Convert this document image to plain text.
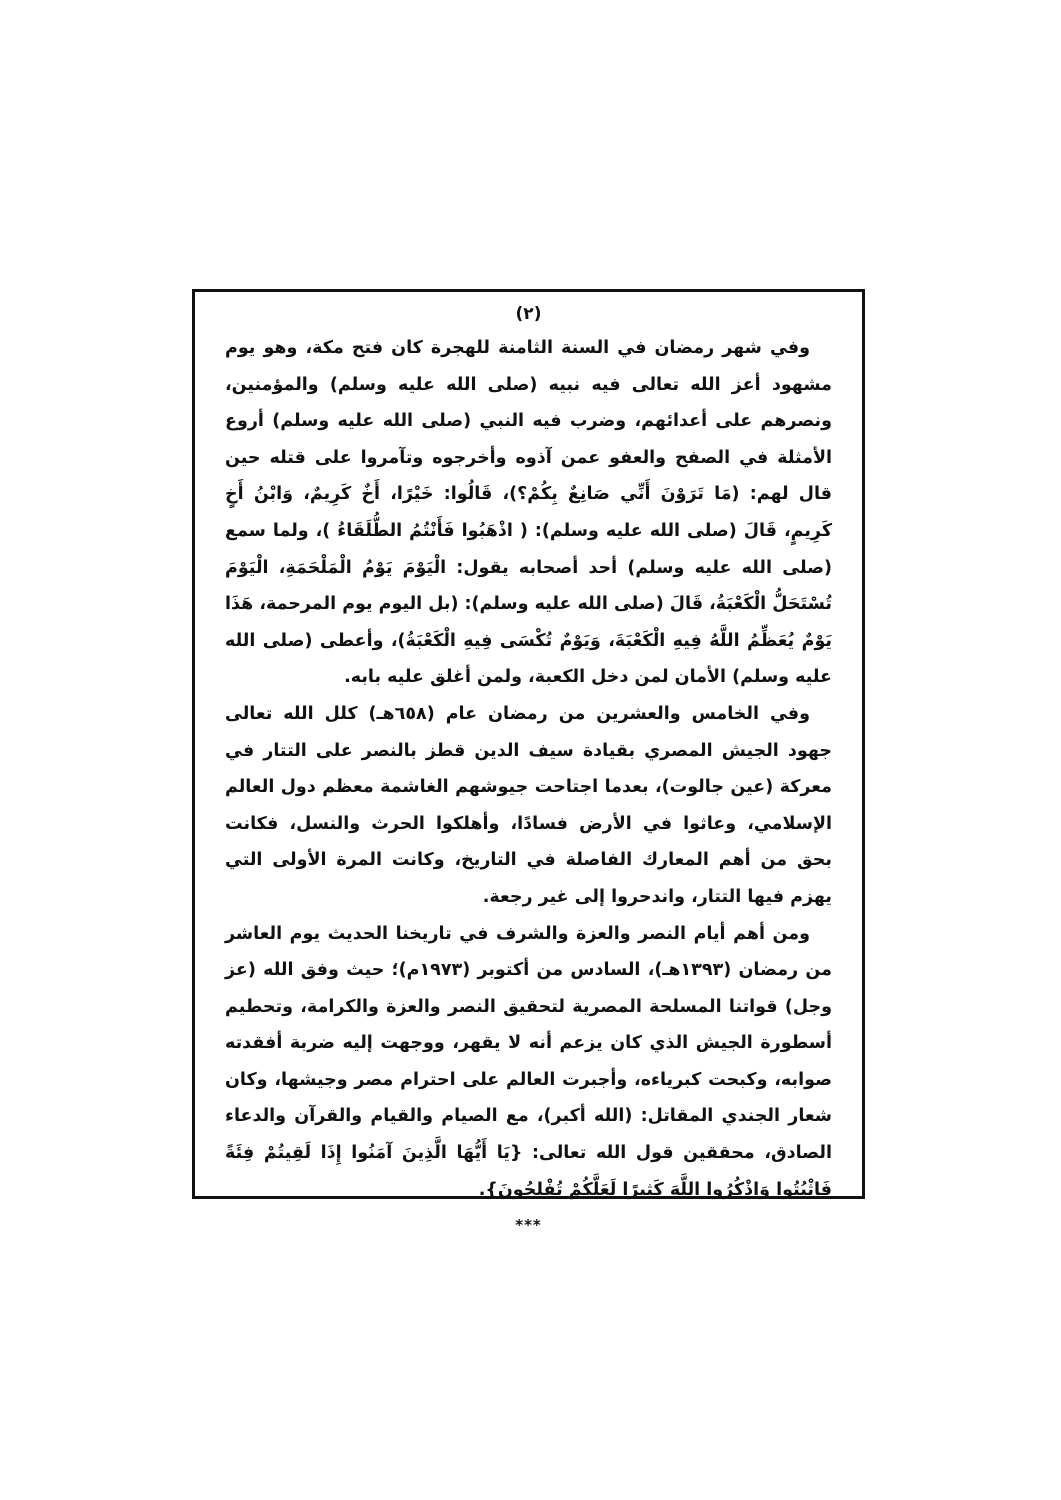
(٢)

وفي شهر رمضان في السنة الثامنة للهجرة كان فتح مكة، وهو يوم مشهود أعز الله تعالى فيه نبيه (صلى الله عليه وسلم) والمؤمنين، ونصرهم على أعدائهم، وضرب فيه النبي (صلى الله عليه وسلم) أروع الأمثلة في الصفح والعفو عمن آذوه وأخرجوه وتآمروا على قتله حين قال لهم: (مَا تَرَوْنَ أَنِّي صَانِعٌ بِكُمْ؟)، قَالُوا: خَيْرًا، أَخٌ كَرِيمٌ، وَابْنُ أَخٍ كَرِيمٍ، قَالَ (صلى الله عليه وسلم): ( اذْهَبُوا فَأَنْتُمُ الطُّلَقَاءُ )، ولما سمع (صلى الله عليه وسلم) أحد أصحابه يقول: الْيَوْمَ يَوْمُ الْمَلْحَمَةِ، الْيَوْمَ تُسْتَحَلُّ الْكَعْبَةُ، قَالَ (صلى الله عليه وسلم): (بل اليوم يوم المرحمة، هَذَا يَوْمٌ يُعَظِّمُ اللَّهُ فِيهِ الْكَعْبَةَ، وَيَوْمٌ تُكْسَى فِيهِ الْكَعْبَةُ)، وأعطى (صلى الله عليه وسلم) الأمان لمن دخل الكعبة، ولمن أغلق عليه بابه.

وفي الخامس والعشرين من رمضان عام (٦٥٨هـ) كلل الله تعالى جهود الجيش المصري بقيادة سيف الدين قطز بالنصر على التتار في معركة (عين جالوت)، بعدما اجتاحت جيوشهم الغاشمة معظم دول العالم الإسلامي، وعاثوا في الأرض فسادًا، وأهلكوا الحرث والنسل، فكانت بحق من أهم المعارك الفاصلة في التاريخ، وكانت المرة الأولى التي يهزم فيها التتار، واندحروا إلى غير رجعة.

ومن أهم أيام النصر والعزة والشرف في تاريخنا الحديث يوم العاشر من رمضان (١٣٩٣هـ)، السادس من أكتوبر (١٩٧٣م)؛ حيث وفق الله (عز وجل) قواتنا المسلحة المصرية لتحقيق النصر والعزة والكرامة، وتحطيم أسطورة الجيش الذي كان يزعم أنه لا يقهر، ووجهت إليه ضربة أفقدته صوابه، وكبحت كبرياءه، وأجبرت العالم على احترام مصر وجيشها، وكان شعار الجندي المقاتل: (الله أكبر)، مع الصيام والقيام والقرآن والدعاء الصادق، محققين قول الله تعالى: {يَا أَيُّهَا الَّذِينَ آمَنُوا إِذَا لَقِيتُمْ فِئَةً فَاثْبُتُوا وَاذْكُرُوا اللَّهَ كَثِيرًا لَعَلَّكُمْ تُفْلِحُونَ}.

***
